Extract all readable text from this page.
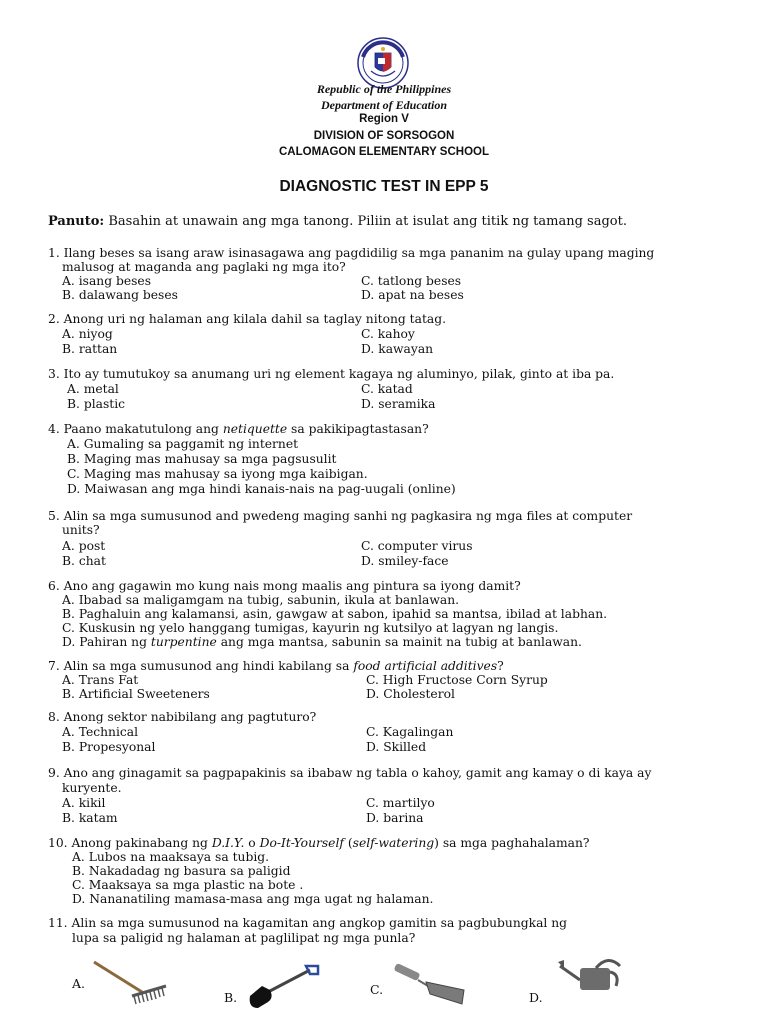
Republic of the Philippines
Department of Education
Region V
DIVISION OF SORSOGON
CALOMAGON ELEMENTARY SCHOOL
DIAGNOSTIC TEST IN EPP 5
Panuto: Basahin at unawain ang mga tanong. Piliin at isulat ang titik ng tamang sagot.
1. Ilang beses sa isang araw isinasagawa ang pagdidilig sa mga pananim na gulay upang maging
malusog at maganda ang paglaki ng mga ito?
A. isang beses
B. dalawang beses
C. tatlong beses
D. apat na beses
2. Anong uri ng halaman ang kilala dahil sa taglay nitong tatag.
A. niyog
B. rattan
C. kahoy
D. kawayan
3. Ito ay tumutukoy sa anumang uri ng element kagaya ng aluminyo, pilak, ginto at iba pa.
A. metal
B. plastic
C. katad
D. seramika
4. Paano makatutulong ang netiquette sa pakikipagtastasan?
A. Gumaling sa paggamit ng internet
B. Maging mas mahusay sa mga pagsusulit
C. Maging mas mahusay sa iyong mga kaibigan.
D. Maiwasan ang mga hindi kanais-nais na pag-uugali (online)
5. Alin sa mga sumusunod and pwedeng maging sanhi ng pagkasira ng mga files at computer
units?
A. post
B. chat
C. computer virus
D. smiley-face
6. Ano ang gagawin mo kung nais mong maalis ang pintura sa iyong damit?
A. Ibabad sa maligamgam na tubig, sabunin, ikula at banlawan.
B. Paghaluin ang kalamansi, asin, gawgaw at sabon, ipahid sa mantsa, ibilad at labhan.
C. Kuskusin ng yelo hanggang tumigas, kayurin ng kutsilyo at lagyan ng langis.
D. Pahiran ng turpentine ang mga mantsa, sabunin sa mainit na tubig at banlawan.
7. Alin sa mga sumusunod ang hindi kabilang sa food artificial additives?
A. Trans Fat
B. Artificial Sweeteners
C. High Fructose Corn Syrup
D. Cholesterol
8. Anong sektor nabibilang ang pagtuturo?
A. Technical
B. Propesyonal
C. Kagalingan
D. Skilled
9. Ano ang ginagamit sa pagpapakinis sa ibabaw ng tabla o kahoy, gamit ang kamay o di kaya ay
kuryente.
A. kikil
B. katam
C. martilyo
D. barina
10. Anong pakinabang ng D.I.Y. o Do-It-Yourself (self-watering) sa mga paghahalaman?
A. Lubos na maaksaya sa tubig.
B. Nakadadag ng basura sa paligid
C. Maaksaya sa mga plastic na bote .
D. Nananatiling mamasa-masa ang mga ugat ng halaman.
11. Alin sa mga sumusunod na kagamitan ang angkop gamitin sa pagbubungkal ng
lupa sa paligid ng halaman at paglilipat ng mga punla?
A.
B.
C.
D.
